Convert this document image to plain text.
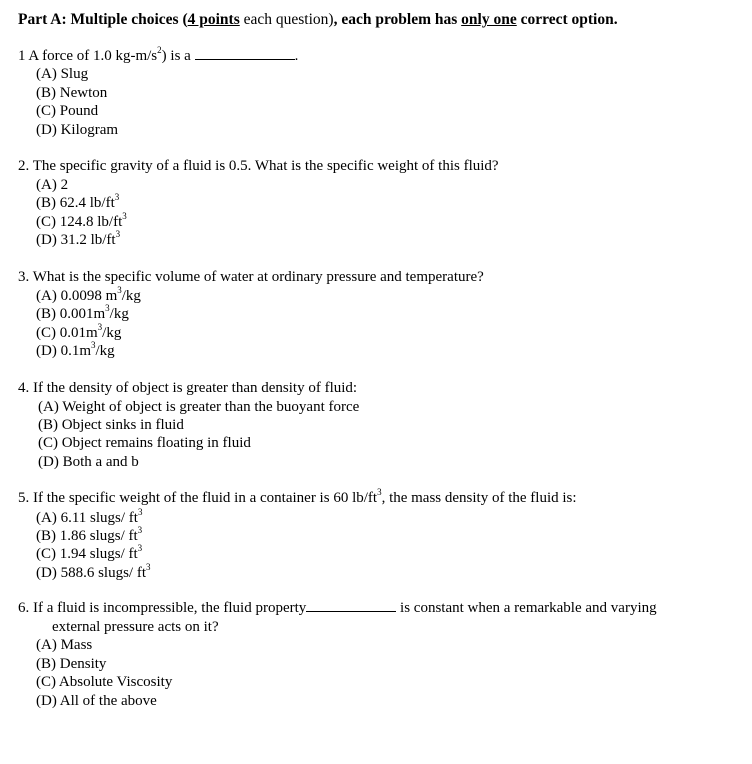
Part A: Multiple choices (4 points each question), each problem has only one correct option.
1 A force of 1.0 $kg-m/s^2$) is a	.
(A) Slug
(B) Newton
(C) Pound
(D) Kilogram
2. The specific gravity of a fluid is 0.5. What is the specific weight of this fluid?
(A) 2
(B) 62.4 $lb/ft^3$
(C) 124.8 $lb/ft^3$
(D) 31.2 $lb/ft^3$
3. What is the specific volume of water at ordinary pressure and temperature?
(A) 0.0098 $m^3/kg$
(B) $0.001m^3/kg$
(C) $0.01m^3/kg$
(D) $0.1m^3/kg$
4. If the density of object is greater than density of fluid:
(A) Weight of object is greater than the buoyant force
(B) Object sinks in fluid
(C) Object remains floating in fluid
(D) Both a and b
5. If the specific weight of the fluid in a container is 60 $lb/ft^3$, the mass density of the fluid is:
(A) 6.11 slugs/ $ft^3$
(B) 1.86 slugs/ $ft^3$
(C) 1.94 slugs/ $ft^3$
(D) 588.6 slugs/ $ft^3$
6. If a fluid is incompressible, the fluid property	is constant when a remarkable and varying
external pressure acts on it?
(A) Mass
(B) Density
(C) Absolute Viscosity
(D) All of the above
